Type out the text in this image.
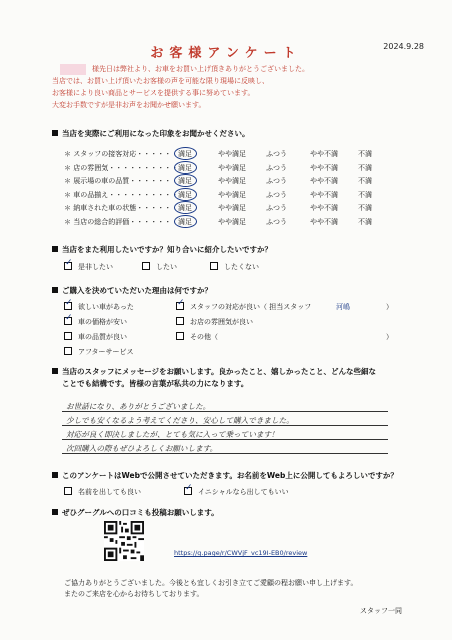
お客様アンケート	2024.9.28
様先日は弊社より、お車をお買い上げ頂きありがとうございました。
当店では、お買い上げ頂いたお客様の声を可能な限り現場に反映し、
お客様により良い商品とサービスを提供する事に努めています。
大変お手数ですが是非お声をお聞かせ願います。
当店を実際にご利用になった印象をお聞かせください。
＊ スタッフの接客対応・・・・・ 満足	やや満足	ふつう	やや不満	不満
＊ 店の雰囲気・・・・・・・・・・ 満足	やや満足	ふつう	やや不満	不満
＊ 展示場の車の品質・・・・・・ 満足	やや満足	ふつう	やや不満	不満
＊ 車の品揃え・・・・・・・・・・ 満足	やや満足	ふつう	やや不満	不満
＊ 納車された車の状態・・・・・ 満足	やや満足	ふつう	やや不満	不満
＊ 当店の総合的評価・・・・・・ 満足	やや満足	ふつう	やや不満	不満
当店をまた利用したいですか？知り合いに紹介したいですか？
✓ 是非したい	したい	したくない
ご購入を決めていただいた理由は何ですか？
✓ 欲しい車があった	✓ スタッフの対応が良い（ 担当スタッフ	河嶋	）
✓ 車の価格が安い	お店の雰囲気が良い
車の品質が良い	その他（	）
アフターサービス
当店のスタッフにメッセージをお願いします。良かったこと、嬉しかったこと、どんな些細な
ことでも結構です。皆様の言葉が私共の力になります。
お世話になり、ありがとうございました。
少しでも安くなるよう考えてくださり、安心して購入できました。
対応が良く即決しましたが、とても気に入って乗っています！
次回購入の際もぜひよろしくお願いします。
このアンケートはWebで公開させていただきます。お名前をWeb上に公開してもよろしいですか？
名前を出しても良い	✓ イニシャルなら出してもいい
ぜひグーグルへの口コミも投稿お願いします。
https://g.page/r/CWVjF_vc19I-EB0/review
ご協力ありがとうございました。今後とも宜しくお引き立てご愛顧の程お願い申し上げます。
またのご来店を心からお待ちしております。
スタッフ一同
